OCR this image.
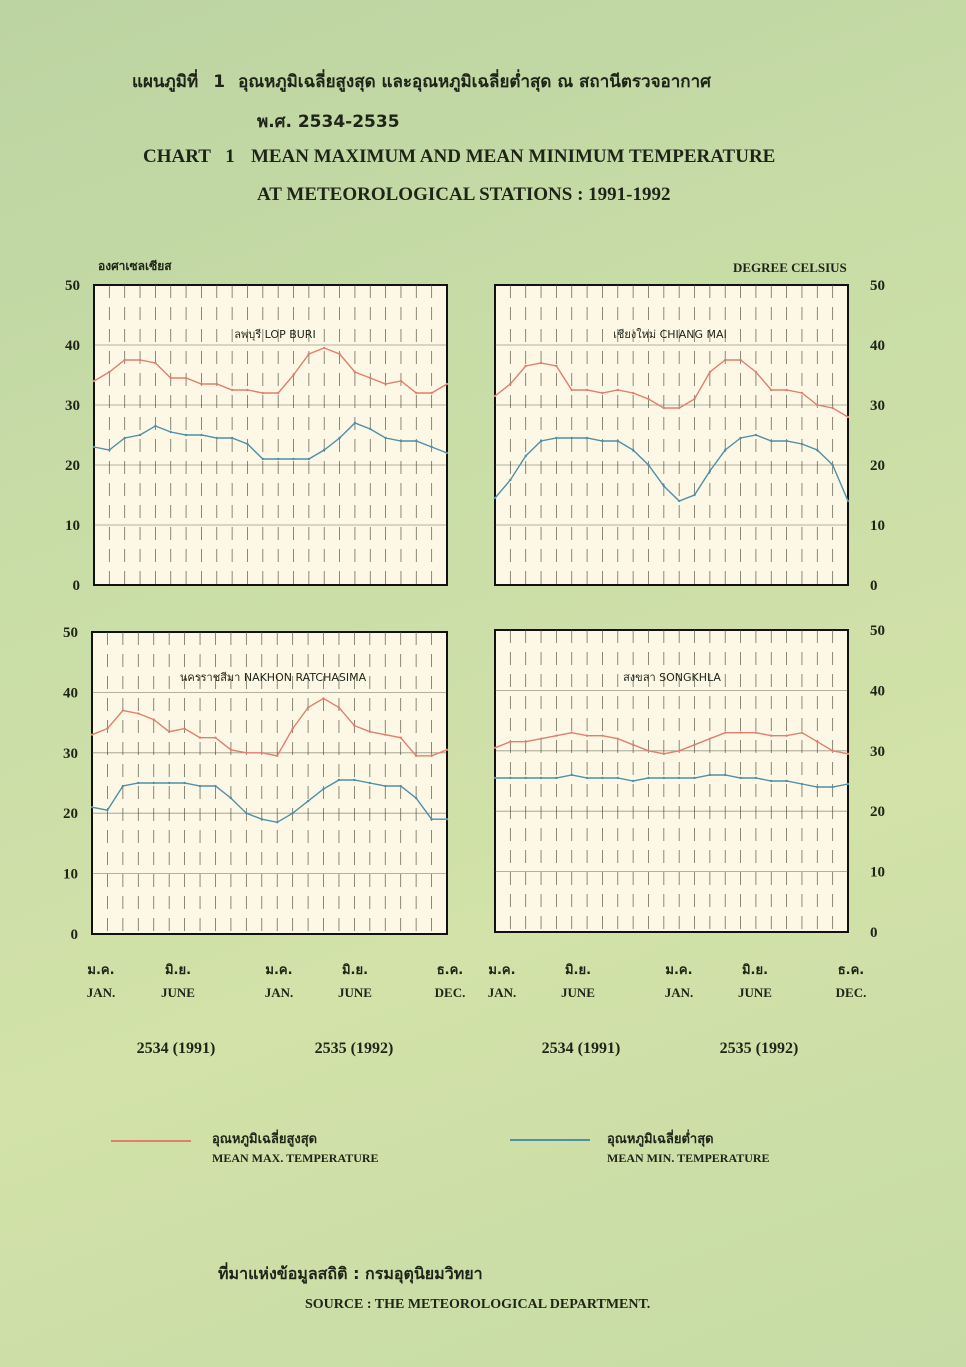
แผนภูมิที่ 1 อุณหภูมิเฉลี่ยสูงสุด และอุณหภูมิเฉลี่ยต่ำสุด ณ สถานีตรวจอากาศ
พ.ศ. 2534-2535
CHART 1 MEAN MAXIMUM AND MEAN MINIMUM TEMPERATURE
AT METEOROLOGICAL STATIONS : 1991-1992
องศาเซลเซียส	DEGREE CELSIUS
0
10
20
30
40
50
ลพบุรี LOP BURI
0
10
20
30
40
50
เชียงใหม่ CHIANG MAI
0
10
20
30
40
50
นครราชสีมา NAKHON RATCHASIMA
0
10
20
30
40
50
สงขลา SONGKHLA
ม.ค.
JAN.
มิ.ย.
JUNE
ม.ค.
JAN.
มิ.ย.
JUNE
ธ.ค.
DEC.
ม.ค.
JAN.
มิ.ย.
JUNE
ม.ค.
JAN.
มิ.ย.
JUNE
ธ.ค.
DEC.
2534 (1991)	2535 (1992)	2534 (1991)	2535 (1992)
อุณหภูมิเฉลี่ยสูงสุด
MEAN MAX. TEMPERATURE
อุณหภูมิเฉลี่ยต่ำสุด
MEAN MIN. TEMPERATURE
ที่มาแห่งข้อมูลสถิติ : กรมอุตุนิยมวิทยา
SOURCE : THE METEOROLOGICAL DEPARTMENT.
